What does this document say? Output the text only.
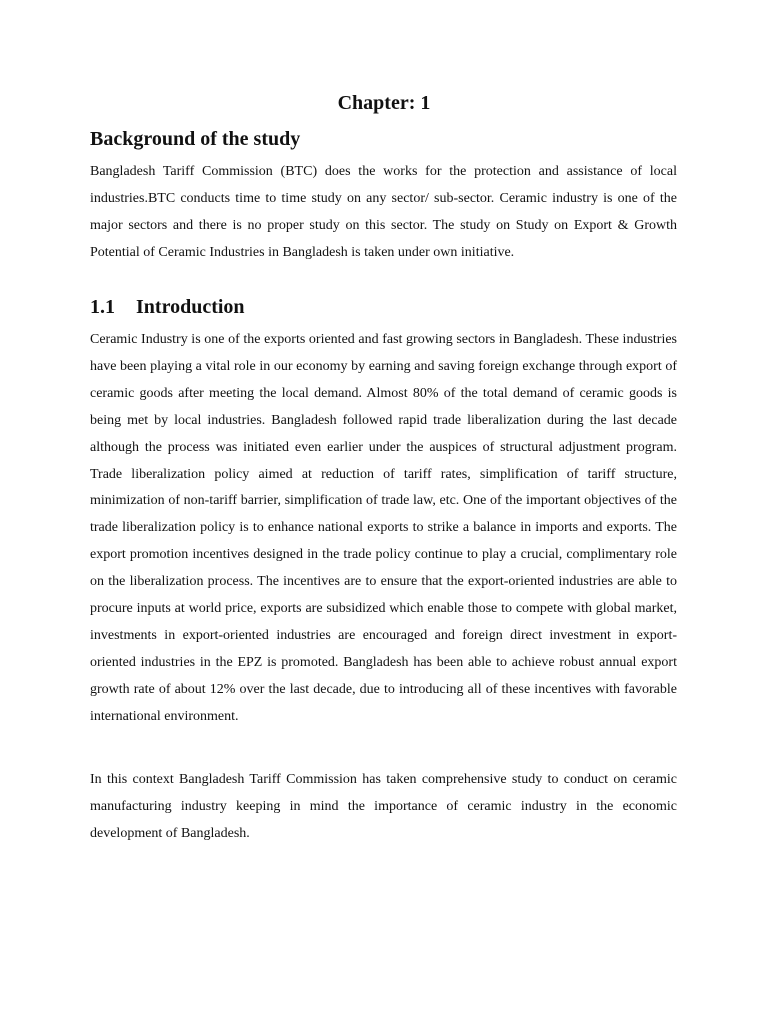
Chapter: 1
Background of the study

Bangladesh Tariff Commission (BTC) does the works for the protection and assistance of local industries.BTC conducts time to time study on any sector/ sub-sector. Ceramic industry is one of the major sectors and there is no proper study on this sector. The study on Study on Export & Growth Potential of Ceramic Industries in Bangladesh is taken under own initiative.

1.1 Introduction

Ceramic Industry is one of the exports oriented and fast growing sectors in Bangladesh. These industries have been playing a vital role in our economy by earning and saving foreign exchange through export of ceramic goods after meeting the local demand. Almost 80% of the total demand of ceramic goods is being met by local industries. Bangladesh followed rapid trade liberalization during the last decade although the process was initiated even earlier under the auspices of structural adjustment program. Trade liberalization policy aimed at reduction of tariff rates, simplification of tariff structure, minimization of non-tariff barrier, simplification of trade law, etc. One of the important objectives of the trade liberalization policy is to enhance national exports to strike a balance in imports and exports. The export promotion incentives designed in the trade policy continue to play a crucial, complimentary role on the liberalization process. The incentives are to ensure that the export-oriented industries are able to procure inputs at world price, exports are subsidized which enable those to compete with global market, investments in export-oriented industries are encouraged and foreign direct investment in export-oriented industries in the EPZ is promoted. Bangladesh has been able to achieve robust annual export growth rate of about 12% over the last decade, due to introducing all of these incentives with favorable international environment.

In this context Bangladesh Tariff Commission has taken comprehensive study to conduct on ceramic manufacturing industry keeping in mind the importance of ceramic industry in the economic development of Bangladesh.
